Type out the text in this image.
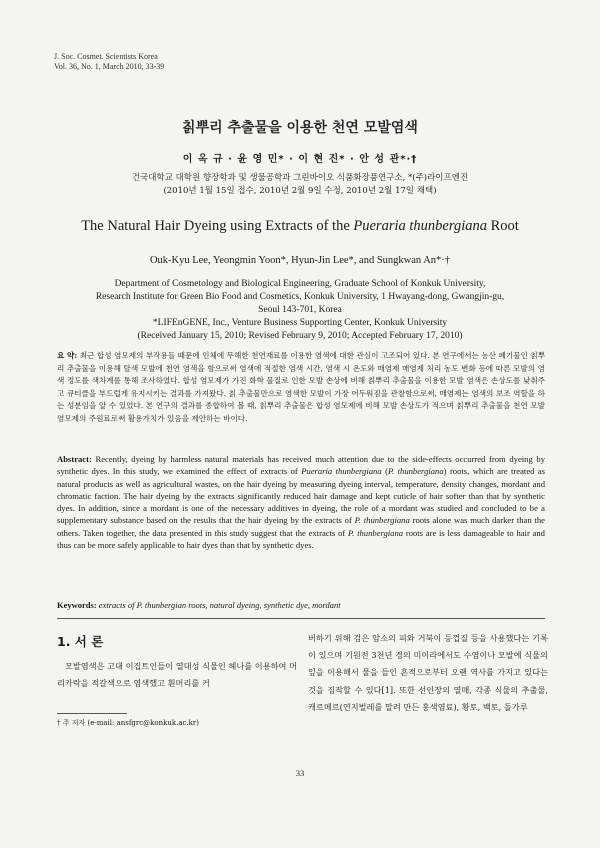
J. Soc. Cosmet. Scientists Korea
Vol. 36, No. 1, March 2010, 33-39
칡뿌리 추출물을 이용한 천연 모발염색
이 옥 규 · 윤 영 민* · 이 현 진* · 안 성 관*·†
건국대학교 대학원 향장학과 및 생물공학과 그린바이오 식품화장품연구소, *(주)라이프엔진
(2010년 1월 15일 접수, 2010년 2월 9일 수정, 2010년 2월 17일 채택)
The Natural Hair Dyeing using Extracts of the Pueraria thunbergiana Root
Ouk-Kyu Lee, Yeongmin Yoon*, Hyun-Jin Lee*, and Sungkwan An*·†
Department of Cosmetology and Biological Engineering, Graduate School of Konkuk University,
Research Institute for Green Bio Food and Cosmetics, Konkuk University, 1 Hwayang-dong, Gwangjin-gu,
Seoul 143-701, Korea
*LIFEnGENE, Inc., Venture Business Supporting Center, Konkuk University
(Received January 15, 2010; Revised February 9, 2010; Accepted February 17, 2010)
요 약: 최근 합성 염모제의 부작용들 때문에 인체에 무해한 천연재료를 이용한 염색에 대한 관심이 고조되어 있다. 본 연구에서는 농산 폐기물인 칡뿌리 추출물을 이용해 탈색 모발에 천연 염색을 함으로써 염색에 적절한 염색 시간, 염색 시 온도와 매염제 매염제 처리 농도 변화 등에 따른 모발의 염색 정도를 색차계를 통해 조사하였다. 합성 염모제가 가진 화학 물질로 인한 모발 손상에 비해 칡뿌리 추출물을 이용한 모발 염색은 손상도를 낮춰주고 큐티클을 부드럽게 유지시키는 결과를 가져왔다. 칡 추출물만으로 염색한 모발이 가장 어두워짐을 관찰함으로써, 매염제는 염색의 보조 역할을 하는 성분임을 알 수 있었다. 본 연구의 결과를 종합하여 볼 때, 칡뿌리 추출물은 합성 염모제에 비해 모발 손상도가 적으며 칡뿌리 추출물을 천연 모발 염모제의 주원료로써 활용가치가 있음을 제안하는 바이다.
Abstract: Recently, dyeing by harmless natural materials has received much attention due to the side-effects occurred from dyeing by synthetic dyes. In this study, we examined the effect of extracts of Pueraria thunbergiana (P. thunbergiana) roots, which are treated as natural products as well as agricultural wastes, on the hair dyeing by measuring dyeing interval, temperature, density changes, mordant and chromatic faction. The hair dyeing by the extracts significantly reduced hair damage and kept cuticle of hair softer than that by synthetic dyes. In addition, since a mordant is one of the necessary additives in dyeing, the role of a mordant was studied and concluded to be a supplementary substance based on the results that the hair dyeing by the extracts of P. thunbergiana roots alone was much darker than the others. Taken together, the data presented in this study suggest that the extracts of P. thunbergiana roots are is less damageable to hair and thus can be more safely applicable to hair dyes than that by synthetic dyes.
Keywords: extracts of P. thunbergian roots, natural dyeing, synthetic dye, mordant
1. 서 론
모발염색은 고대 이집트인들이 열대성 식물인 헤나를 이용하여 머리카락을 적갈색으로 염색했고 흰머리를 커
버하기 위해 검은 암소의 피와 거북이 등껍질 등을 사용했다는 기록이 있으며 기원전 3천년 경의 미이라에서도 수염이나 모발에 식물의 잎을 이용해서 물을 들인 흔적으로부터 오랜 역사를 가지고 있다는 것을 짐작할 수 있다[1]. 또한 선인장의 열매, 각종 식물의 추출물, 캐르메르(연지벌레를 말려 만든 홍색염료), 황토, 백토, 돌가루
† 주 저자 (e-mail: ansfgrc@konkuk.ac.kr)
33
